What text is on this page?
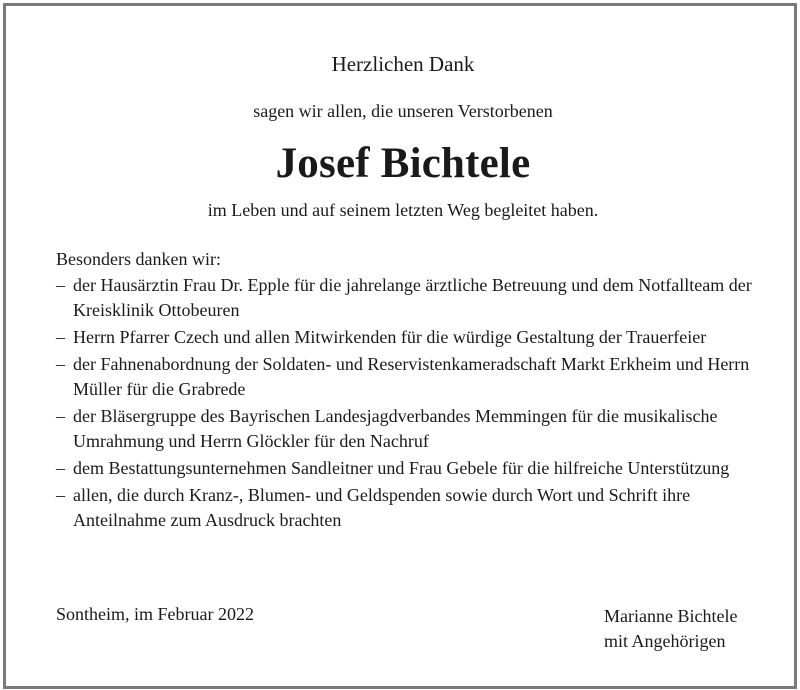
Herzlichen Dank
sagen wir allen, die unseren Verstorbenen
Josef Bichtele
im Leben und auf seinem letzten Weg begleitet haben.
Besonders danken wir:
– der Hausärztin Frau Dr. Epple für die jahrelange ärztliche Betreuung und dem Notfallteam der Kreisklinik Ottobeuren
– Herrn Pfarrer Czech und allen Mitwirkenden für die würdige Gestaltung der Trauerfeier
– der Fahnenabordnung der Soldaten- und Reservistenkameradschaft Markt Erkheim und Herrn Müller für die Grabrede
– der Bläsergruppe des Bayrischen Landesjagdverbandes Memmingen für die musikalische Umrahmung und Herrn Glöckler für den Nachruf
– dem Bestattungsunternehmen Sandleitner und Frau Gebele für die hilfreiche Unterstützung
– allen, die durch Kranz-, Blumen- und Geldspenden sowie durch Wort und Schrift ihre Anteilnahme zum Ausdruck brachten
Sontheim, im Februar 2022	Marianne Bichtele
mit Angehörigen
